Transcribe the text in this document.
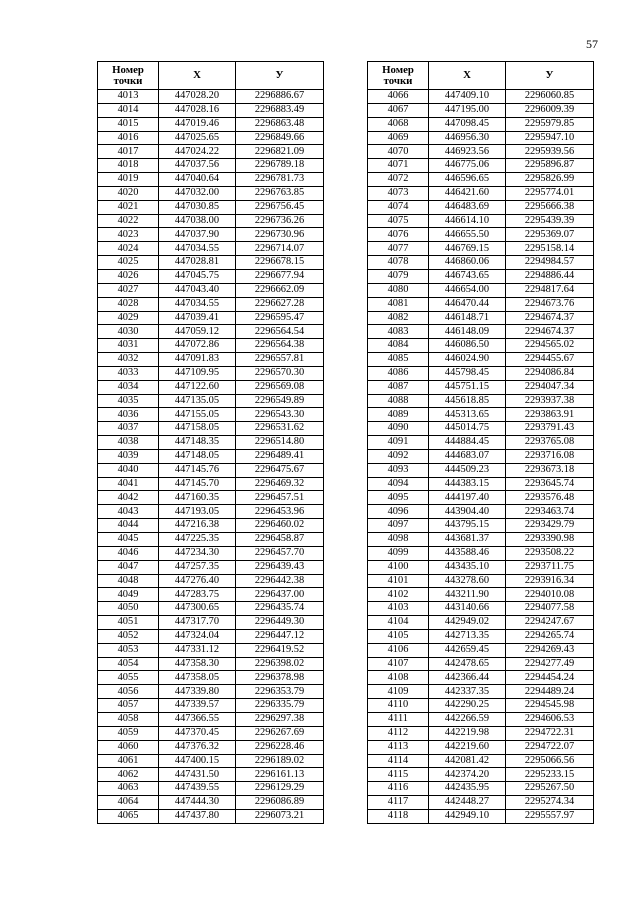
57
Номер
точки	X	У
4013	447028.20	2296886.67
4014	447028.16	2296883.49
4015	447019.46	2296863.48
4016	447025.65	2296849.66
4017	447024.22	2296821.09
4018	447037.56	2296789.18
4019	447040.64	2296781.73
4020	447032.00	2296763.85
4021	447030.85	2296756.45
4022	447038.00	2296736.26
4023	447037.90	2296730.96
4024	447034.55	2296714.07
4025	447028.81	2296678.15
4026	447045.75	2296677.94
4027	447043.40	2296662.09
4028	447034.55	2296627.28
4029	447039.41	2296595.47
4030	447059.12	2296564.54
4031	447072.86	2296564.38
4032	447091.83	2296557.81
4033	447109.95	2296570.30
4034	447122.60	2296569.08
4035	447135.05	2296549.89
4036	447155.05	2296543.30
4037	447158.05	2296531.62
4038	447148.35	2296514.80
4039	447148.05	2296489.41
4040	447145.76	2296475.67
4041	447145.70	2296469.32
4042	447160.35	2296457.51
4043	447193.05	2296453.96
4044	447216.38	2296460.02
4045	447225.35	2296458.87
4046	447234.30	2296457.70
4047	447257.35	2296439.43
4048	447276.40	2296442.38
4049	447283.75	2296437.00
4050	447300.65	2296435.74
4051	447317.70	2296449.30
4052	447324.04	2296447.12
4053	447331.12	2296419.52
4054	447358.30	2296398.02
4055	447358.05	2296378.98
4056	447339.80	2296353.79
4057	447339.57	2296335.79
4058	447366.55	2296297.38
4059	447370.45	2296267.69
4060	447376.32	2296228.46
4061	447400.15	2296189.02
4062	447431.50	2296161.13
4063	447439.55	2296129.29
4064	447444.30	2296086.89
4065	447437.80	2296073.21
Номер
точки	X	У
4066	447409.10	2296060.85
4067	447195.00	2296009.39
4068	447098.45	2295979.85
4069	446956.30	2295947.10
4070	446923.56	2295939.56
4071	446775.06	2295896.87
4072	446596.65	2295826.99
4073	446421.60	2295774.01
4074	446483.69	2295666.38
4075	446614.10	2295439.39
4076	446655.50	2295369.07
4077	446769.15	2295158.14
4078	446860.06	2294984.57
4079	446743.65	2294886.44
4080	446654.00	2294817.64
4081	446470.44	2294673.76
4082	446148.71	2294674.37
4083	446148.09	2294674.37
4084	446086.50	2294565.02
4085	446024.90	2294455.67
4086	445798.45	2294086.84
4087	445751.15	2294047.34
4088	445618.85	2293937.38
4089	445313.65	2293863.91
4090	445014.75	2293791.43
4091	444884.45	2293765.08
4092	444683.07	2293716.08
4093	444509.23	2293673.18
4094	444383.15	2293645.74
4095	444197.40	2293576.48
4096	443904.40	2293463.74
4097	443795.15	2293429.79
4098	443681.37	2293390.98
4099	443588.46	2293508.22
4100	443435.10	2293711.75
4101	443278.60	2293916.34
4102	443211.90	2294010.08
4103	443140.66	2294077.58
4104	442949.02	2294247.67
4105	442713.35	2294265.74
4106	442659.45	2294269.43
4107	442478.65	2294277.49
4108	442366.44	2294454.24
4109	442337.35	2294489.24
4110	442290.25	2294545.98
4111	442266.59	2294606.53
4112	442219.98	2294722.31
4113	442219.60	2294722.07
4114	442081.42	2295066.56
4115	442374.20	2295233.15
4116	442435.95	2295267.50
4117	442448.27	2295274.34
4118	442949.10	2295557.97
